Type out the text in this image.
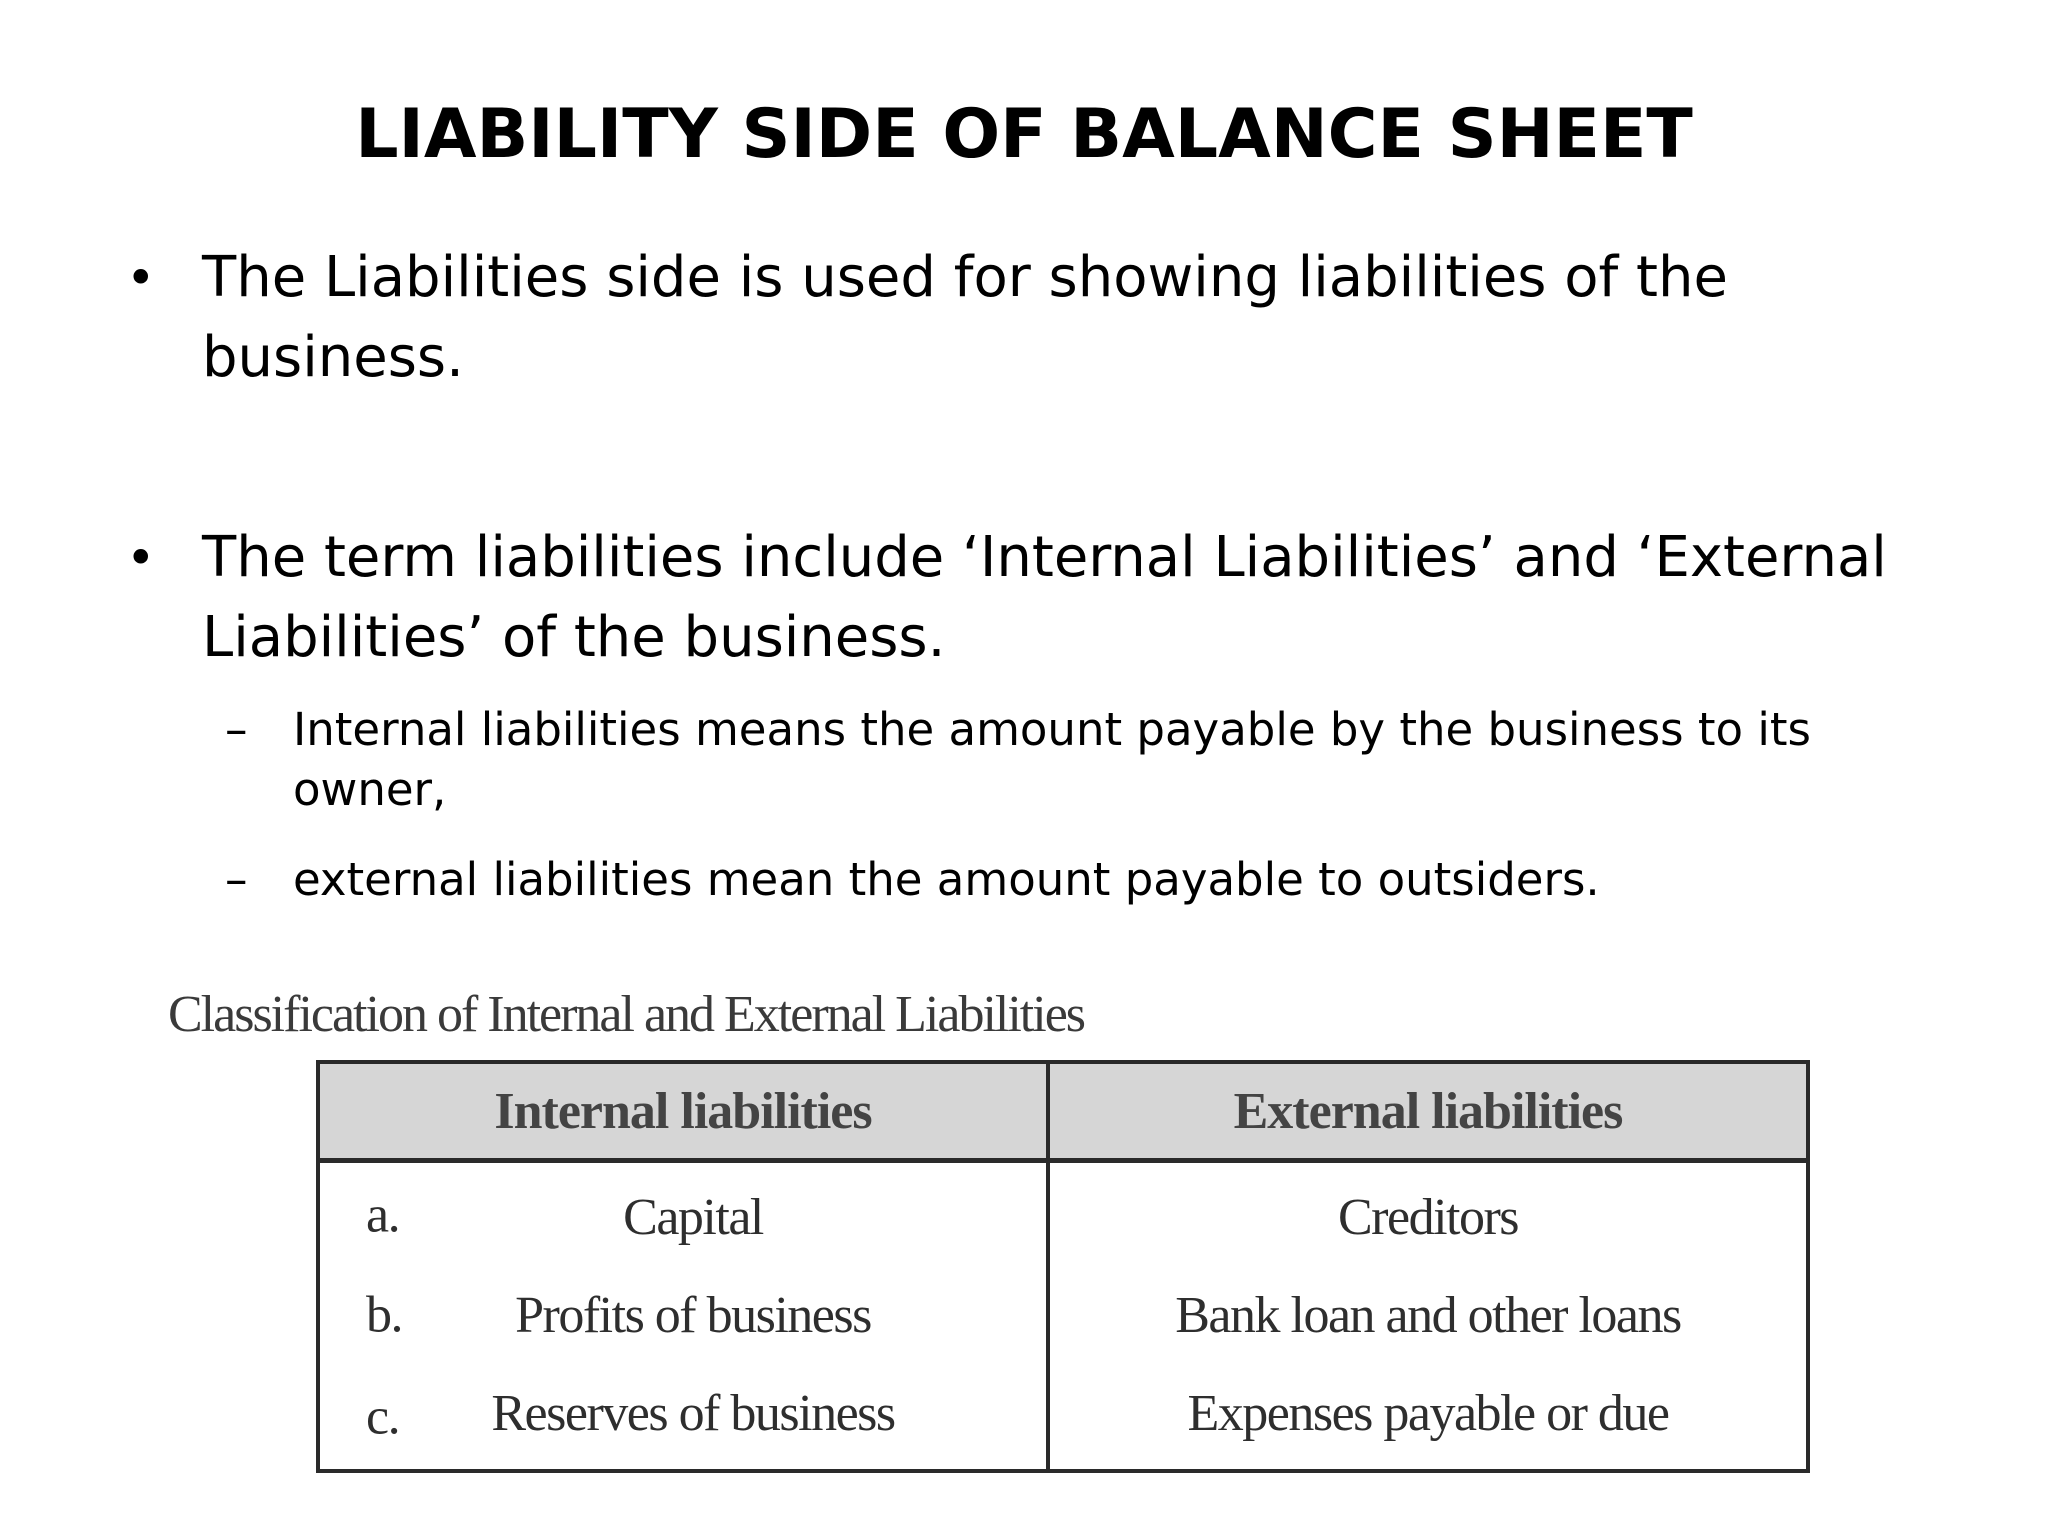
LIABILITY SIDE OF BALANCE SHEET
• The Liabilities side is used for showing liabilities of the business.
• The term liabilities include ‘Internal Liabilities’ and ‘External Liabilities’ of the business.
– Internal liabilities means the amount payable by the business to its owner,
– external liabilities mean the amount payable to outsiders.
Classification of Internal and External Liabilities
Internal liabilities	External liabilities

a. Capital	Creditors

b. Profits of business	Bank loan and other loans

c. Reserves of business	Expenses payable or due
